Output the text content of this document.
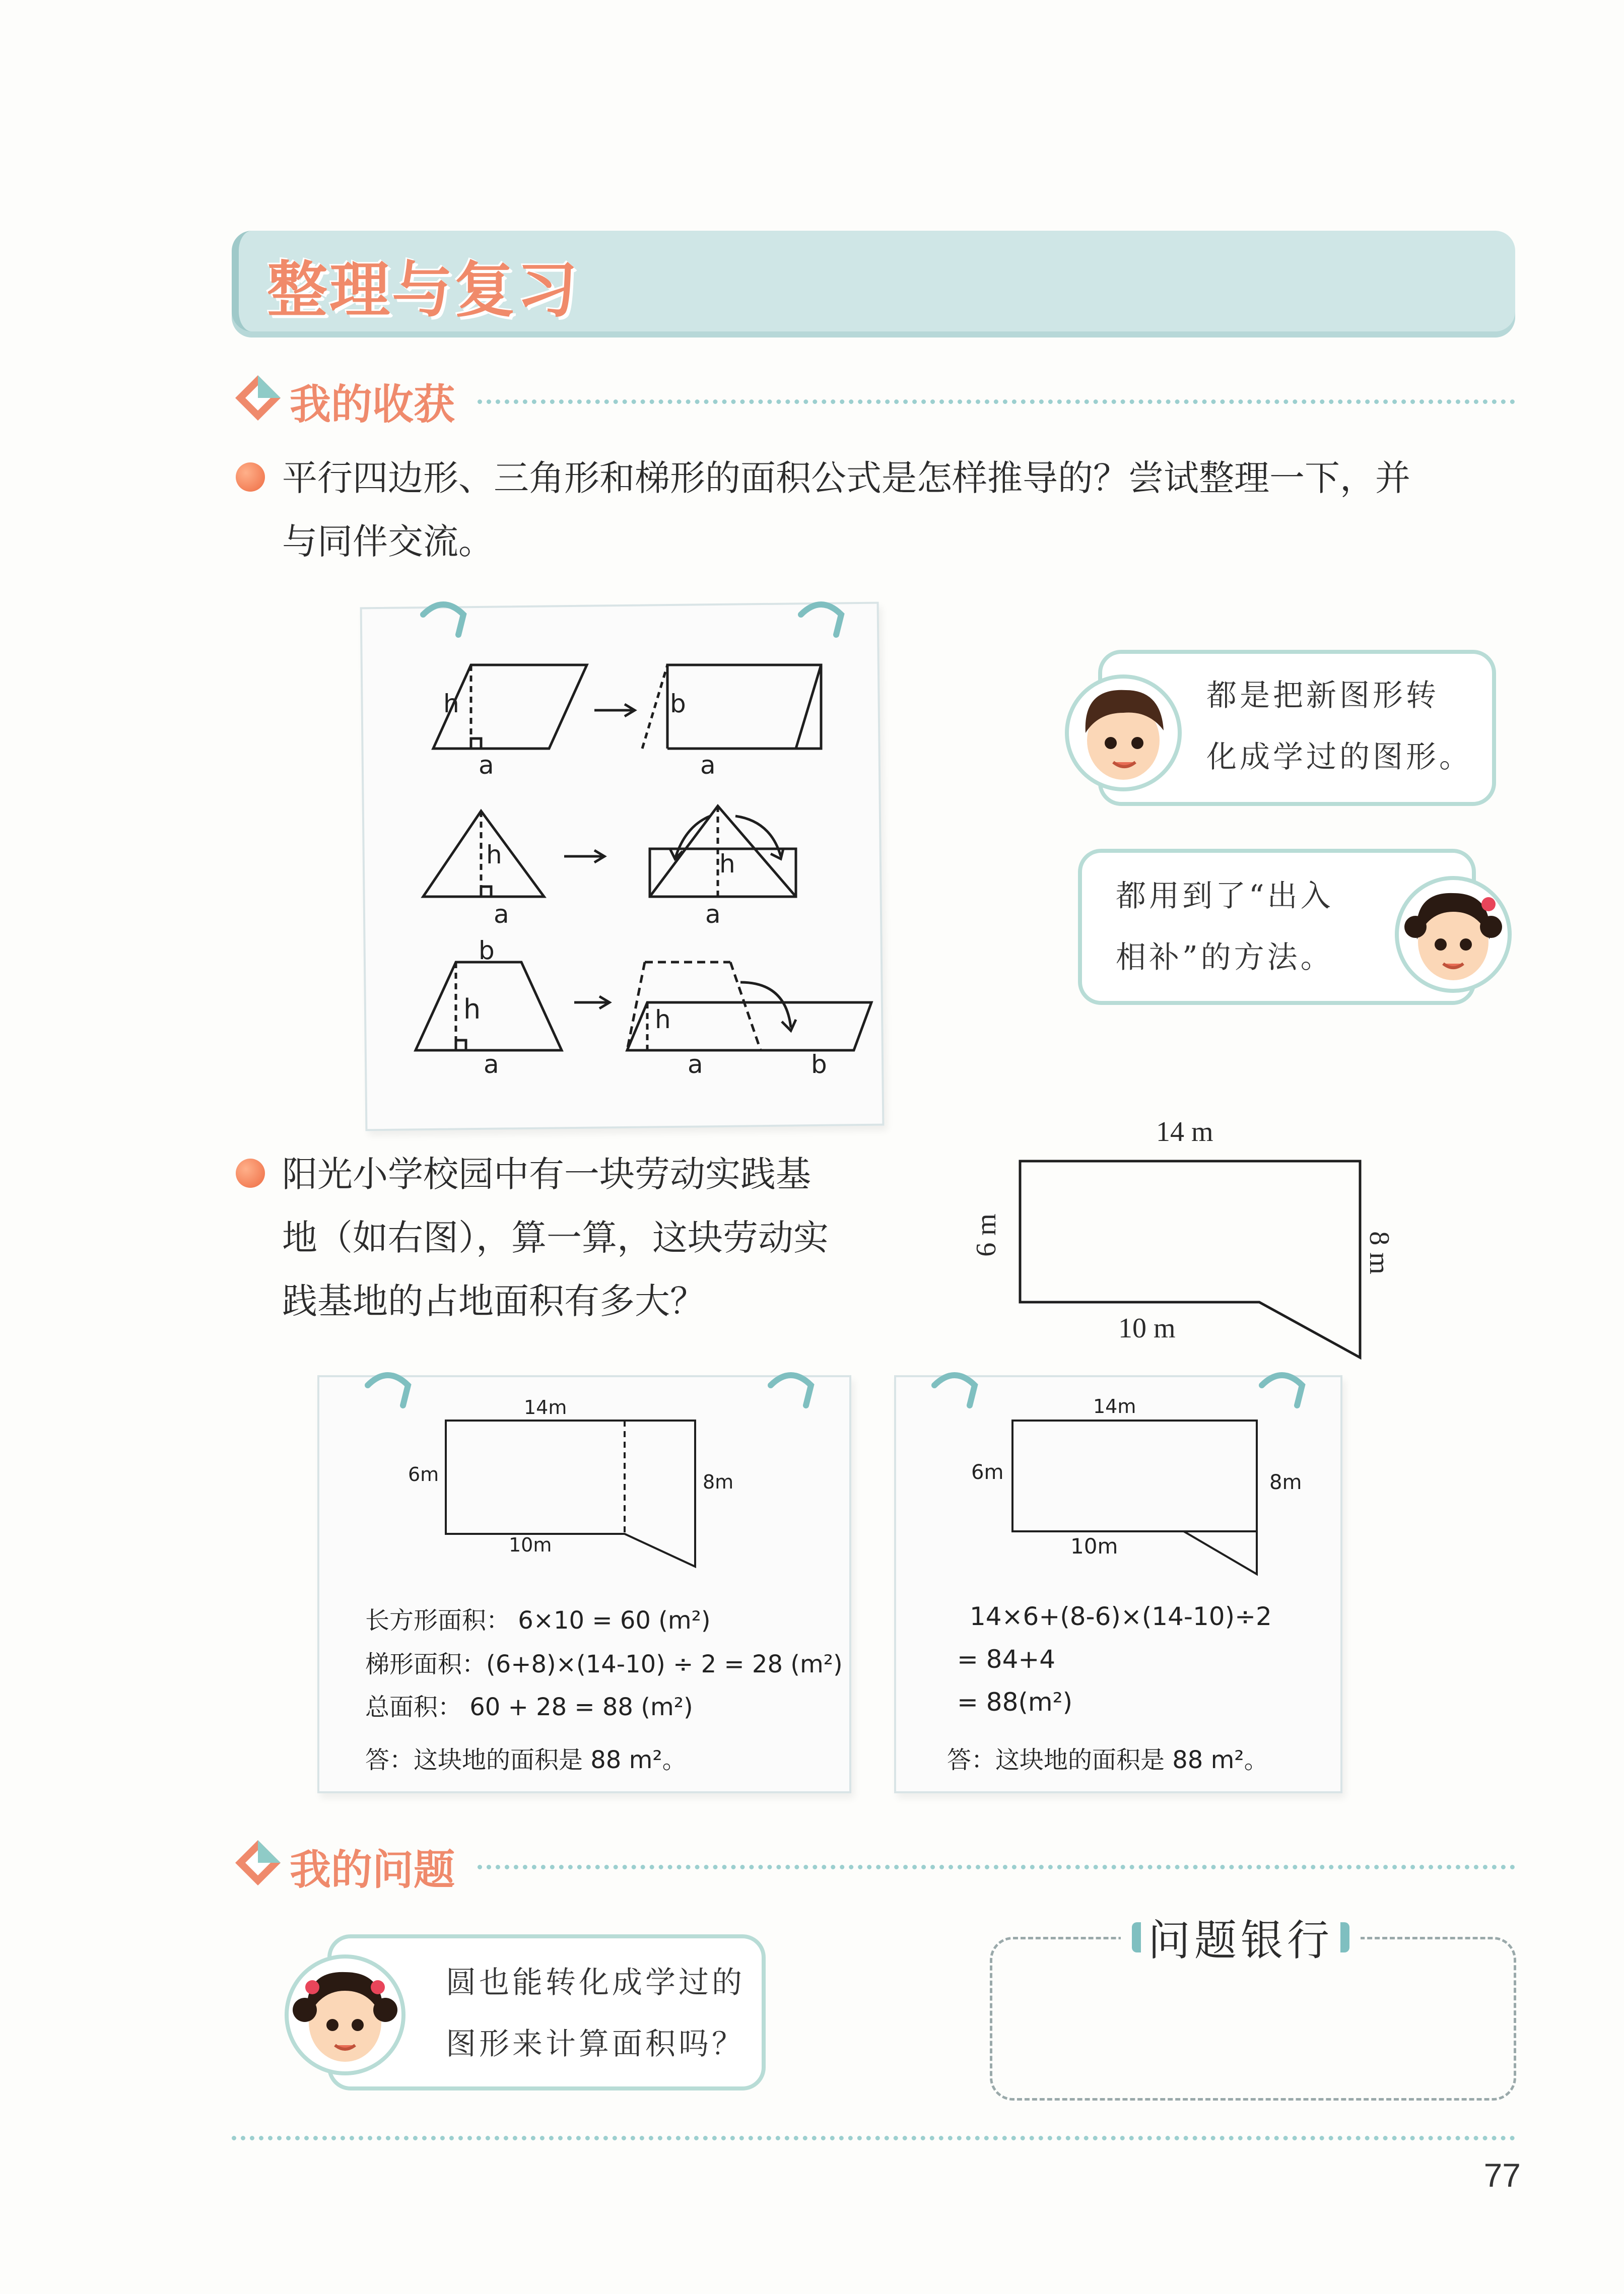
整理与复习
我的收获
平行四边形、三角形和梯形的面积公式是怎样推导的？尝试整理一下，并
与同伴交流。
h
a
b
a
h
a
h
a
b
h
a
h
a	b
都是把新图形转
化成学过的图形。
都用到了“出入
相补”的方法。
阳光小学校园中有一块劳动实践基
地（如右图），算一算，这块劳动实
践基地的占地面积有多大？
14 m
6 m	8 m
10 m
14m
6m	8m
10m
长方形面积： 6×10 = 60 (m²)
梯形面积：(6+8)×(14-10) ÷ 2 = 28 (m²)
总面积： 60 + 28 = 88 (m²)
答：这块地的面积是 88 m²。
14m
6m	8m
10m
14×6+(8-6)×(14-10)÷2
= 84+4
= 88(m²)
答：这块地的面积是 88 m²。
我的问题
圆也能转化成学过的
图形来计算面积吗？
问题银行
77
